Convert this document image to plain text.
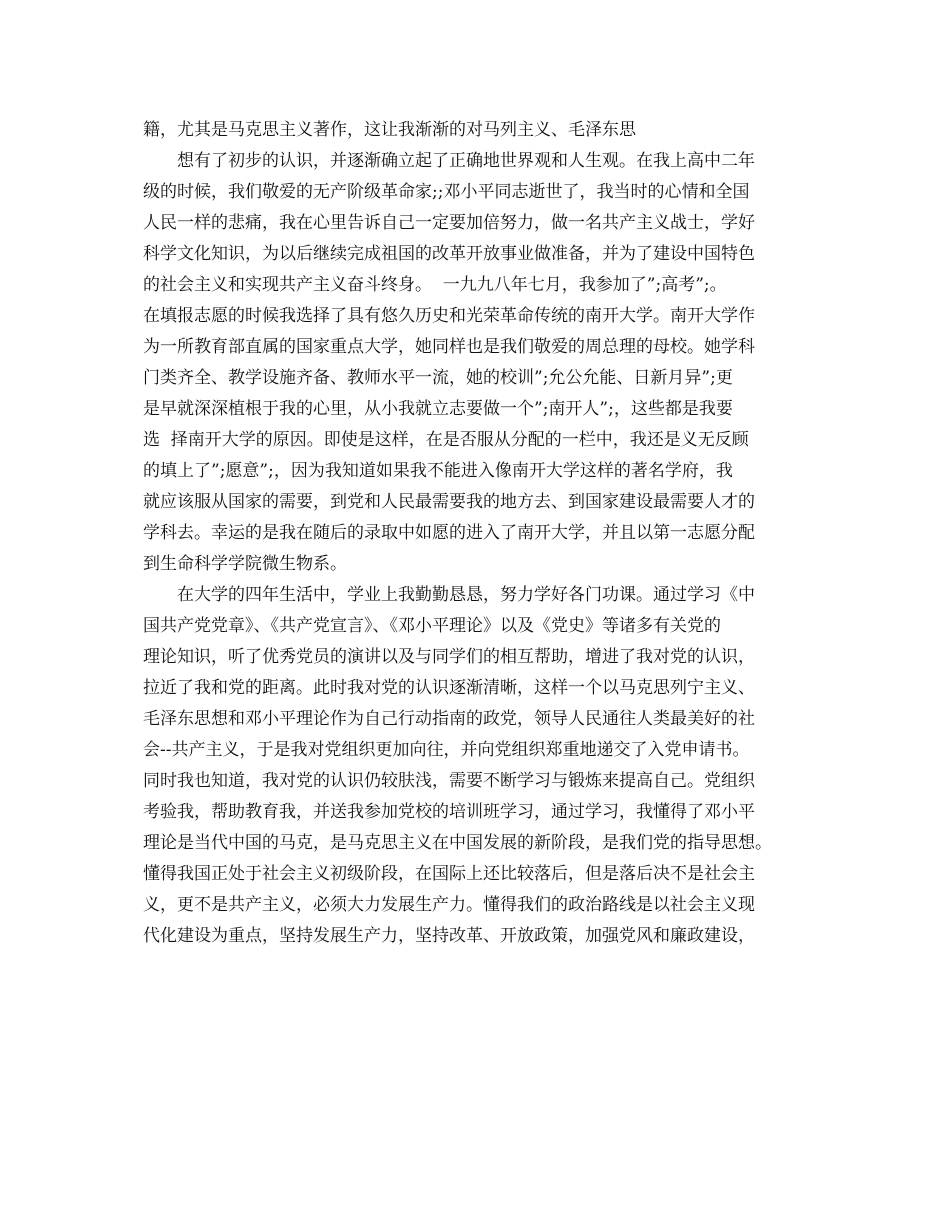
籍，尤其是马克思主义著作，这让我渐渐的对马列主义、毛泽东思

想有了初步的认识，并逐渐确立起了正确地世界观和人生观。在我上高中二年

级的时候，我们敬爱的无产阶级革命家;;邓小平同志逝世了，我当时的心情和全国

人民一样的悲痛，我在心里告诉自己一定要加倍努力，做一名共产主义战士，学好

科学文化知识，为以后继续完成祖国的改革开放事业做准备，并为了建设中国特色

的社会主义和实现共产主义奋斗终身。  一九九八年七月，我参加了”;高考”;。

在填报志愿的时候我选择了具有悠久历史和光荣革命传统的南开大学。南开大学作

为一所教育部直属的国家重点大学，她同样也是我们敬爱的周总理的母校。她学科

门类齐全、教学设施齐备、教师水平一流，她的校训”;允公允能、日新月异”;更

是早就深深植根于我的心里，从小我就立志要做一个”;南开人”;，这些都是我要

选  择南开大学的原因。即使是这样，在是否服从分配的一栏中，我还是义无反顾

的填上了”;愿意”;，因为我知道如果我不能进入像南开大学这样的著名学府，我

就应该服从国家的需要，到党和人民最需要我的地方去、到国家建设最需要人才的

学科去。幸运的是我在随后的录取中如愿的进入了南开大学，并且以第一志愿分配

到生命科学学院微生物系。

在大学的四年生活中，学业上我勤勤恳恳，努力学好各门功课。通过学习《中

国共产党党章》、《共产党宣言》、《邓小平理论》以及《党史》等诸多有关党的

理论知识，听了优秀党员的演讲以及与同学们的相互帮助，增进了我对党的认识，

拉近了我和党的距离。此时我对党的认识逐渐清晰，这样一个以马克思列宁主义、

毛泽东思想和邓小平理论作为自己行动指南的政党，领导人民通往人类最美好的社

会--共产主义，于是我对党组织更加向往，并向党组织郑重地递交了入党申请书。

同时我也知道，我对党的认识仍较肤浅，需要不断学习与锻炼来提高自己。党组织

考验我，帮助教育我，并送我参加党校的培训班学习，通过学习，我懂得了邓小平

理论是当代中国的马克，是马克思主义在中国发展的新阶段，是我们党的指导思想。

懂得我国正处于社会主义初级阶段，在国际上还比较落后，但是落后决不是社会主

义，更不是共产主义，必须大力发展生产力。懂得我们的政治路线是以社会主义现

代化建设为重点，坚持发展生产力，坚持改革、开放政策，加强党风和廉政建设，
